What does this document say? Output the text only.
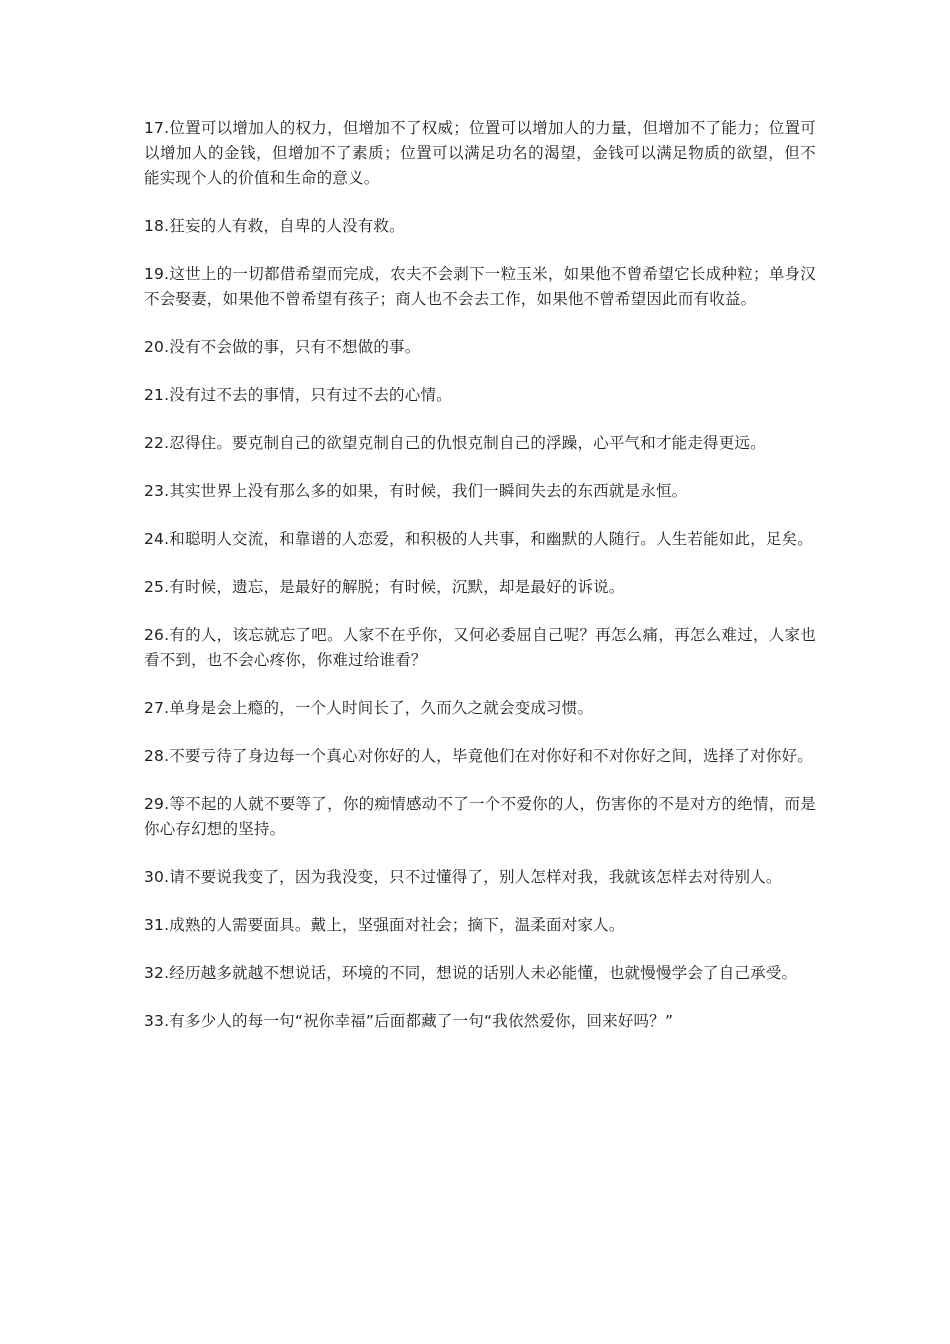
17.位置可以增加人的权力，但增加不了权威；位置可以增加人的力量，但增加不了能力；位置可以增加人的金钱，但增加不了素质；位置可以满足功名的渴望，金钱可以满足物质的欲望，但不能实现个人的价值和生命的意义。

18.狂妄的人有救，自卑的人没有救。

19.这世上的一切都借希望而完成，农夫不会剥下一粒玉米，如果他不曾希望它长成种粒；单身汉不会娶妻，如果他不曾希望有孩子；商人也不会去工作，如果他不曾希望因此而有收益。

20.没有不会做的事，只有不想做的事。

21.没有过不去的事情，只有过不去的心情。

22.忍得住。要克制自己的欲望克制自己的仇恨克制自己的浮躁，心平气和才能走得更远。

23.其实世界上没有那么多的如果，有时候，我们一瞬间失去的东西就是永恒。

24.和聪明人交流，和靠谱的人恋爱，和积极的人共事，和幽默的人随行。人生若能如此，足矣。

25.有时候，遗忘，是最好的解脱；有时候，沉默，却是最好的诉说。

26.有的人，该忘就忘了吧。人家不在乎你，又何必委屈自己呢？再怎么痛，再怎么难过，人家也看不到，也不会心疼你，你难过给谁看？

27.单身是会上瘾的，一个人时间长了，久而久之就会变成习惯。

28.不要亏待了身边每一个真心对你好的人，毕竟他们在对你好和不对你好之间，选择了对你好。

29.等不起的人就不要等了，你的痴情感动不了一个不爱你的人，伤害你的不是对方的绝情，而是你心存幻想的坚持。

30.请不要说我变了，因为我没变，只不过懂得了，别人怎样对我，我就该怎样去对待别人。

31.成熟的人需要面具。戴上，坚强面对社会；摘下，温柔面对家人。

32.经历越多就越不想说话，环境的不同，想说的话别人未必能懂，也就慢慢学会了自己承受。

33.有多少人的每一句“祝你幸福”后面都藏了一句“我依然爱你，回来好吗？”
